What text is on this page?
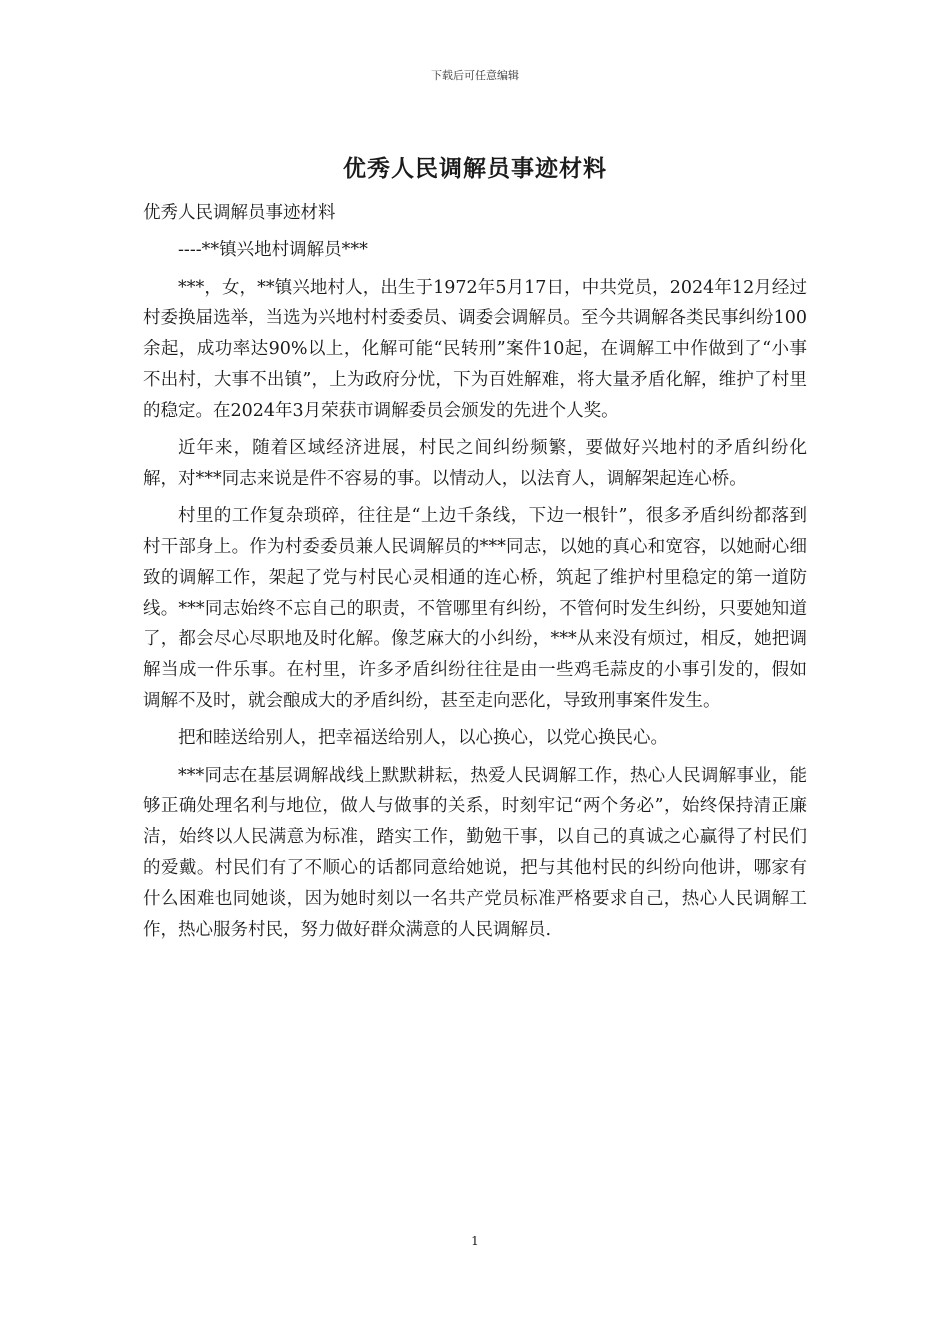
下载后可任意编辑
优秀人民调解员事迹材料

优秀人民调解员事迹材料

----**镇兴地村调解员***

***，女，**镇兴地村人，出生于1972年5月17日，中共党员，2024年12月经过村委换届选举，当选为兴地村村委委员、调委会调解员。至今共调解各类民事纠纷100余起，成功率达90%以上，化解可能“民转刑”案件10起，在调解工中作做到了“小事不出村，大事不出镇”，上为政府分忧，下为百姓解难，将大量矛盾化解，维护了村里的稳定。在2024年3月荣获市调解委员会颁发的先进个人奖。

近年来，随着区域经济进展，村民之间纠纷频繁，要做好兴地村的矛盾纠纷化解，对***同志来说是件不容易的事。以情动人，以法育人，调解架起连心桥。

村里的工作复杂琐碎，往往是“上边千条线，下边一根针”，很多矛盾纠纷都落到村干部身上。作为村委委员兼人民调解员的***同志，以她的真心和宽容，以她耐心细致的调解工作，架起了党与村民心灵相通的连心桥，筑起了维护村里稳定的第一道防线。***同志始终不忘自己的职责，不管哪里有纠纷，不管何时发生纠纷，只要她知道了，都会尽心尽职地及时化解。像芝麻大的小纠纷，***从来没有烦过，相反，她把调解当成一件乐事。在村里，许多矛盾纠纷往往是由一些鸡毛蒜皮的小事引发的，假如调解不及时，就会酿成大的矛盾纠纷，甚至走向恶化，导致刑事案件发生。

把和睦送给别人，把幸福送给别人，以心换心，以党心换民心。

***同志在基层调解战线上默默耕耘，热爱人民调解工作，热心人民调解事业，能够正确处理名利与地位，做人与做事的关系，时刻牢记“两个务必”，始终保持清正廉洁，始终以人民满意为标准，踏实工作，勤勉干事，以自己的真诚之心赢得了村民们的爱戴。村民们有了不顺心的话都同意给她说，把与其他村民的纠纷向他讲，哪家有什么困难也同她谈，因为她时刻以一名共产党员标准严格要求自己，热心人民调解工作，热心服务村民，努力做好群众满意的人民调解员.

1
